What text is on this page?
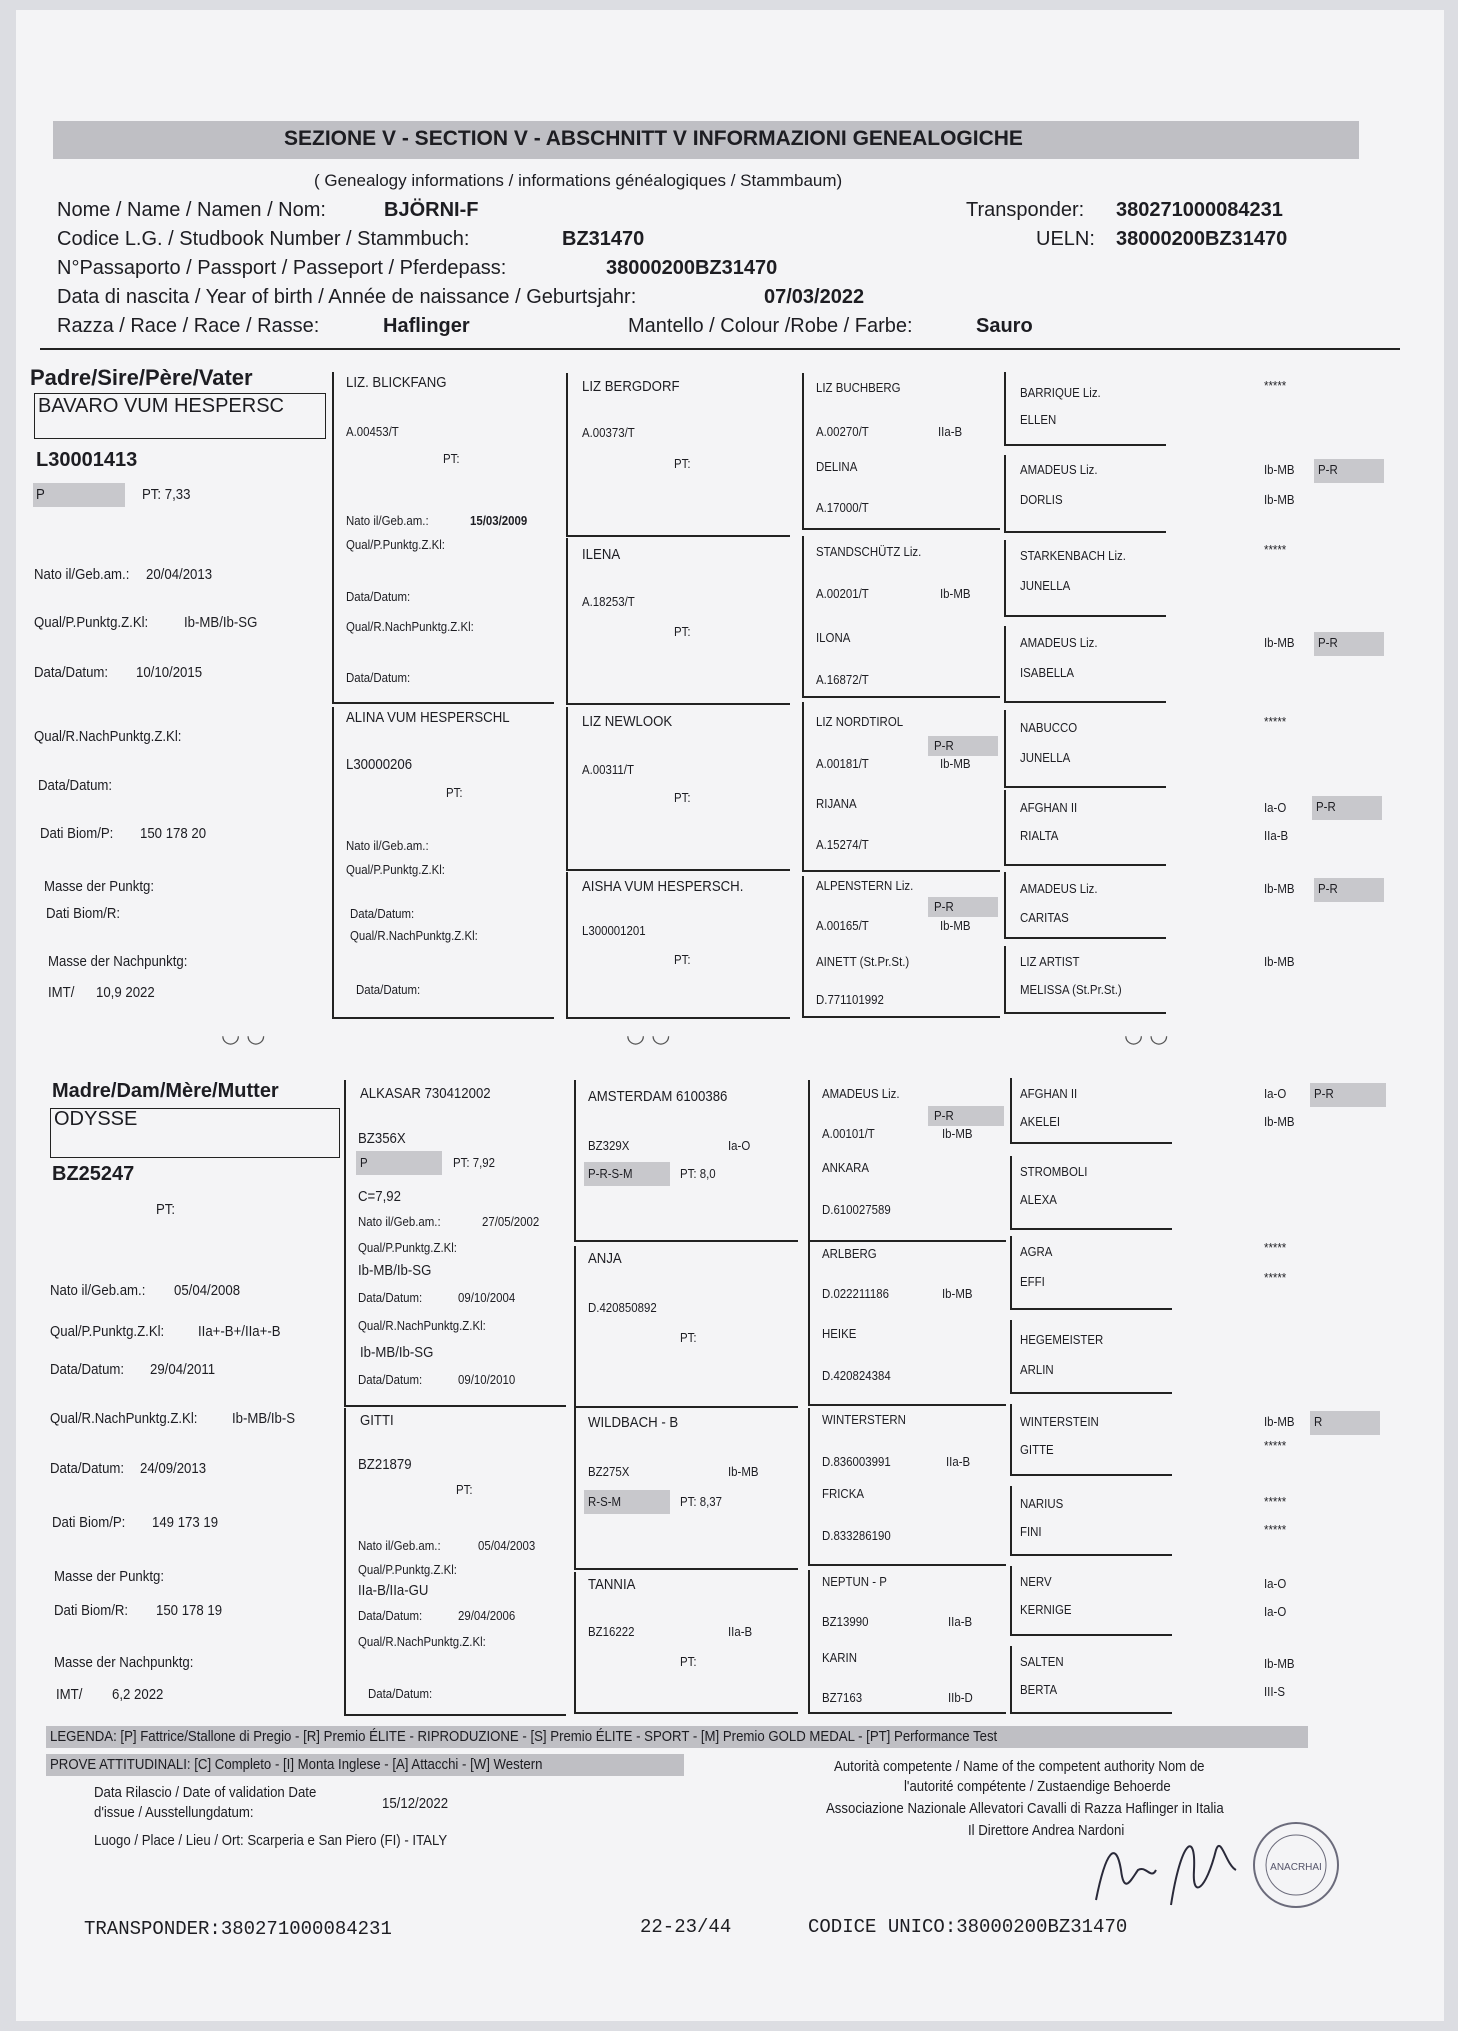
SEZIONE V - SECTION V - ABSCHNITT V INFORMAZIONI GENEALOGICHE
( Genealogy informations / informations généalogiques / Stammbaum)
Nome / Name / Namen / Nom:	BJÖRNI-F	Transponder: 380271000084231
Codice L.G. / Studbook Number / Stammbuch:	BZ31470	UELN: 38000200BZ31470
N°Passaporto / Passport / Passeport / Pferdepass:	38000200BZ31470
Data di nascita / Year of birth / Année de naissance / Geburtsjahr:	07/03/2022
Razza / Race / Race / Rasse:	Haflinger	Mantello / Colour /Robe / Farbe:	Sauro
Padre/Sire/Père/Vater
BAVARO VUM HESPERSC
L30001413
P	PT: 7,33
Nato il/Geb.am.: 20/04/2013
Qual/P.Punktg.Z.Kl: Ib-MB/Ib-SG
Data/Datum: 10/10/2015
Qual/R.NachPunktg.Z.Kl:
Data/Datum:
Dati Biom/P: 150 178 20
Masse der Punktg:
Dati Biom/R:
Masse der Nachpunktg:
IMT/ 10,9 2022
LIZ. BLICKFANG
A.00453/T
PT:
Nato il/Geb.am.:	15/03/2009
Qual/P.Punktg.Z.Kl:
Data/Datum:
Qual/R.NachPunktg.Z.Kl:
Data/Datum:
ALINA VUM HESPERSCHL
L30000206
PT:
Nato il/Geb.am.:
Qual/P.Punktg.Z.Kl:
Data/Datum:
Qual/R.NachPunktg.Z.Kl:
Data/Datum:
LIZ BERGDORF
A.00373/T
PT:
ILENA
A.18253/T
PT:
LIZ NEWLOOK
A.00311/T
PT:
AISHA VUM HESPERSCH.
L300001201
PT:
LIZ BUCHBERG
A.00270/T	IIa-B
DELINA
A.17000/T
STANDSCHÜTZ Liz.
A.00201/T	Ib-MB
ILONA
A.16872/T
LIZ NORDTIROL
P-R
A.00181/T	Ib-MB
RIJANA
A.15274/T
ALPENSTERN Liz.
P-R
A.00165/T	Ib-MB
AINETT (St.Pr.St.)
D.771101992
BARRIQUE Liz.	*****
ELLEN
AMADEUS Liz.	Ib-MB P-R
DORLIS	Ib-MB
STARKENBACH Liz.	*****
JUNELLA
AMADEUS Liz.	Ib-MB P-R
ISABELLA
NABUCCO	*****
JUNELLA
AFGHAN II	Ia-O P-R
RIALTA	IIa-B
AMADEUS Liz.	Ib-MB P-R
CARITAS
LIZ ARTIST	Ib-MB
MELISSA (St.Pr.St.)
◡ ◡	◡ ◡	◡ ◡
Madre/Dam/Mère/Mutter
ODYSSE
BZ25247
PT:
Nato il/Geb.am.: 05/04/2008
Qual/P.Punktg.Z.Kl: IIa+-B+/IIa+-B
Data/Datum: 29/04/2011
Qual/R.NachPunktg.Z.Kl: Ib-MB/Ib-S
Data/Datum: 24/09/2013
Dati Biom/P: 149 173 19
Masse der Punktg:
Dati Biom/R: 150 178 19
Masse der Nachpunktg:
IMT/ 6,2 2022
ALKASAR 730412002
BZ356X
P	PT: 7,92
C=7,92
Nato il/Geb.am.:	27/05/2002
Qual/P.Punktg.Z.Kl:
Ib-MB/Ib-SG
Data/Datum:	09/10/2004
Qual/R.NachPunktg.Z.Kl:
Ib-MB/Ib-SG
Data/Datum:	09/10/2010
GITTI
BZ21879
PT:
Nato il/Geb.am.:	05/04/2003
Qual/P.Punktg.Z.Kl:
IIa-B/IIa-GU
Data/Datum:	29/04/2006
Qual/R.NachPunktg.Z.Kl:
Data/Datum:
AMSTERDAM 6100386
BZ329X	Ia-O
P-R-S-M	PT: 8,0
ANJA
D.420850892
PT:
WILDBACH - B
BZ275X	Ib-MB
R-S-M	PT: 8,37
TANNIA
BZ16222	IIa-B
PT:
AMADEUS Liz.
P-R
A.00101/T	Ib-MB
ANKARA
D.610027589
ARLBERG
D.022211186	Ib-MB
HEIKE
D.420824384
WINTERSTERN
D.836003991	IIa-B
FRICKA
D.833286190
NEPTUN - P
BZ13990	IIa-B
KARIN
BZ7163	IIb-D
AFGHAN II	Ia-O P-R
AKELEI	Ib-MB
STROMBOLI
ALEXA
AGRA	*****
EFFI	*****
HEGEMEISTER
ARLIN
WINTERSTEIN	Ib-MB R
GITTE	*****
NARIUS	*****
FINI	*****
NERV	Ia-O
KERNIGE	Ia-O
SALTEN	Ib-MB
BERTA	III-S
LEGENDA: [P] Fattrice/Stallone di Pregio - [R] Premio ÉLITE - RIPRODUZIONE - [S] Premio ÉLITE - SPORT - [M] Premio GOLD MEDAL - [PT] Performance Test
PROVE ATTITUDINALI: [C] Completo - [I] Monta Inglese - [A] Attacchi - [W] Western
Data Rilascio / Date of validation Date
d'issue / Ausstellungdatum:
15/12/2022
Luogo / Place / Lieu / Ort: Scarperia e San Piero (FI) - ITALY
Autorità competente / Name of the competent authority Nom de
l'autorité compétente / Zustaendige Behoerde
Associazione Nazionale Allevatori Cavalli di Razza Haflinger in Italia
Il Direttore Andrea Nardoni
ANACRHAI
TRANSPONDER:380271000084231	22-23/44	CODICE UNICO:38000200BZ31470
